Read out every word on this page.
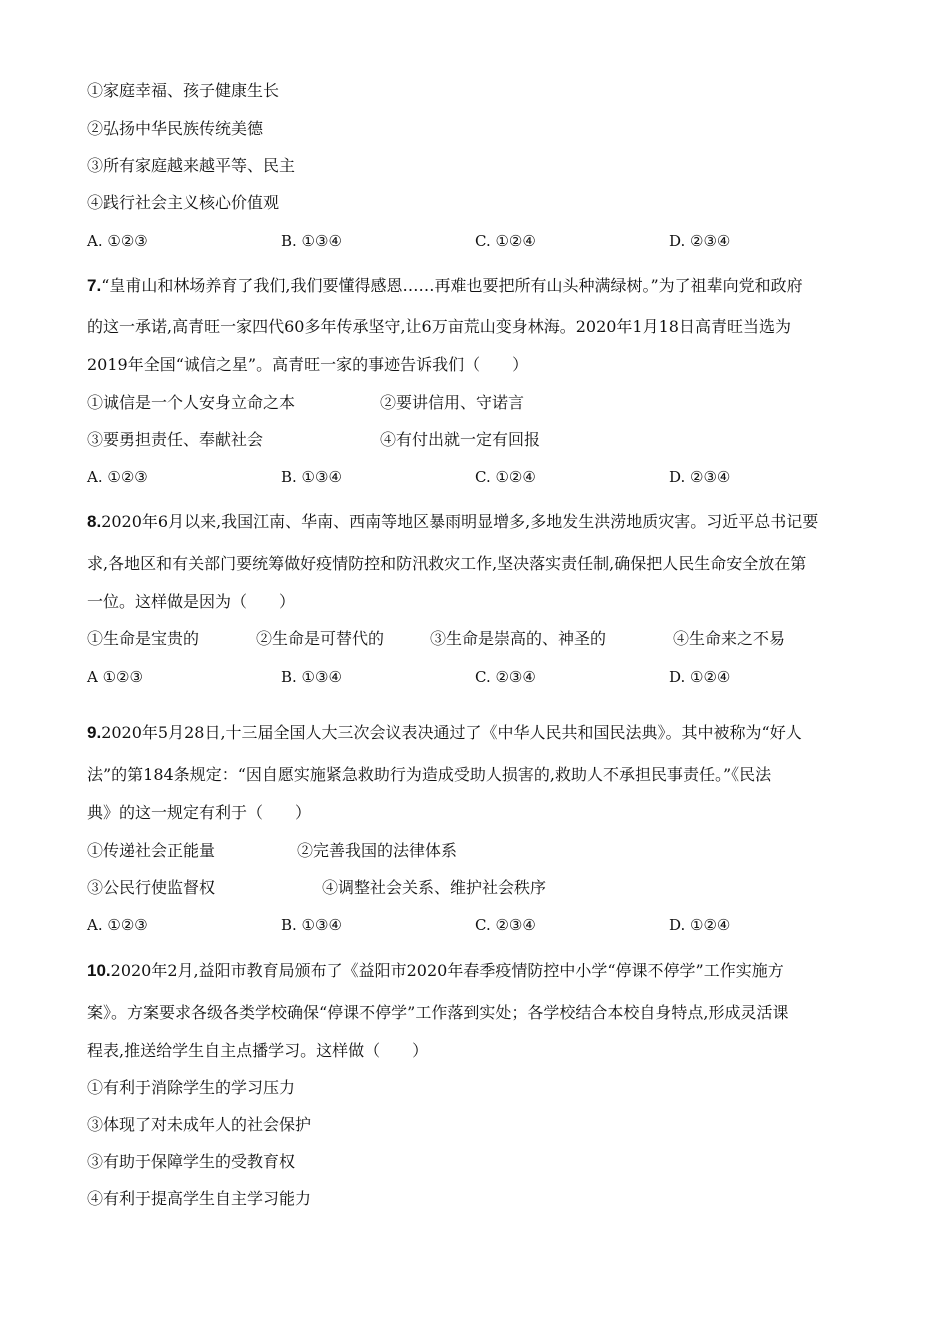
①家庭幸福、孩子健康生长
②弘扬中华民族传统美德
③所有家庭越来越平等、民主
④践行社会主义核心价值观
A. ①②③	B. ①③④	C. ①②④	D. ②③④
7.“皇甫山和林场养育了我们,我们要懂得感恩……再难也要把所有山头种满绿树。”为了祖辈向党和政府
的这一承诺,高青旺一家四代60多年传承坚守,让6万亩荒山变身林海。2020年1月18日高青旺当选为
2019年全国“诚信之星”。高青旺一家的事迹告诉我们（　　）
①诚信是一个人安身立命之本	②要讲信用、守诺言
③要勇担责任、奉献社会	④有付出就一定有回报
A. ①②③	B. ①③④	C. ①②④	D. ②③④
8.2020年6月以来,我国江南、华南、西南等地区暴雨明显增多,多地发生洪涝地质灾害。习近平总书记要
求,各地区和有关部门要统筹做好疫情防控和防汛救灾工作,坚决落实责任制,确保把人民生命安全放在第
一位。这样做是因为（　　）
①生命是宝贵的	②生命是可替代的	③生命是崇高的、神圣的	④生命来之不易
A ①②③	B. ①③④	C. ②③④	D. ①②④
9.2020年5月28日,十三届全国人大三次会议表决通过了《中华人民共和国民法典》。其中被称为“好人
法”的第184条规定：“因自愿实施紧急救助行为造成受助人损害的,救助人不承担民事责任。”《民法
典》的这一规定有利于（　　）
①传递社会正能量	②完善我国的法律体系
③公民行使监督权	④调整社会关系、维护社会秩序
A. ①②③	B. ①③④	C. ②③④	D. ①②④
10.2020年2月,益阳市教育局颁布了《益阳市2020年春季疫情防控中小学“停课不停学”工作实施方
案》。方案要求各级各类学校确保“停课不停学”工作落到实处；各学校结合本校自身特点,形成灵活课
程表,推送给学生自主点播学习。这样做（　　）
①有利于消除学生的学习压力
③体现了对未成年人的社会保护
③有助于保障学生的受教育权
④有利于提高学生自主学习能力
